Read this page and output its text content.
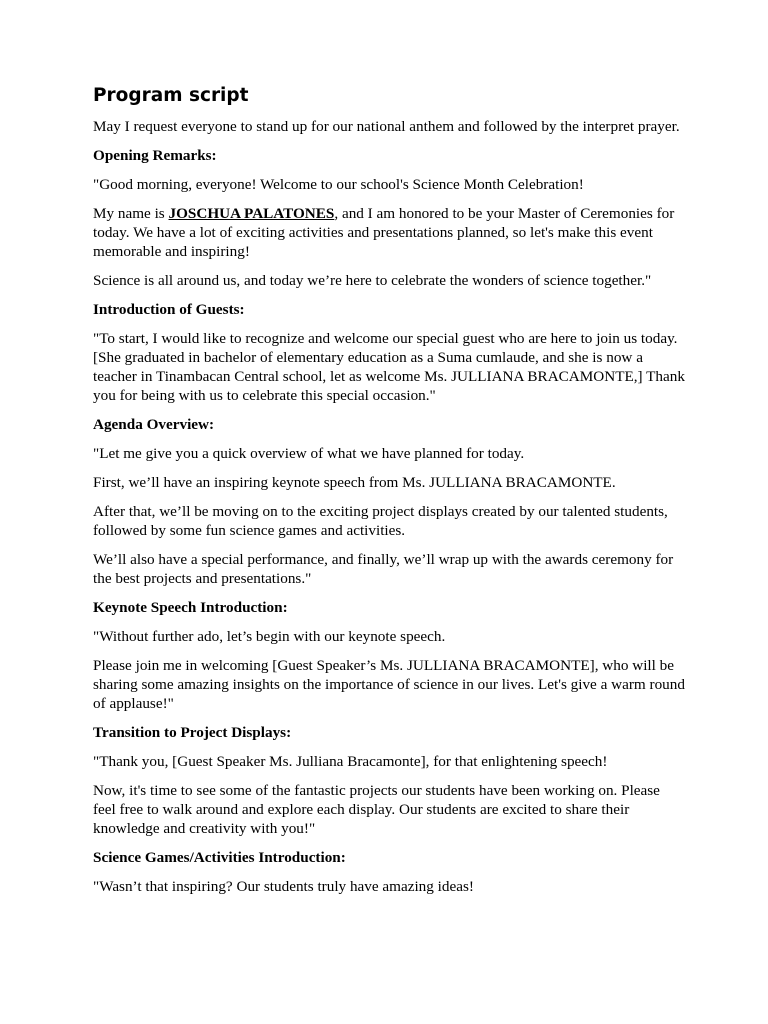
Program script

May I request everyone to stand up for our national anthem and followed by the interpret prayer.

Opening Remarks:

"Good morning, everyone! Welcome to our school's Science Month Celebration!

My name is JOSCHUA PALATONES, and I am honored to be your Master of Ceremonies for today. We have a lot of exciting activities and presentations planned, so let's make this event memorable and inspiring!

Science is all around us, and today we’re here to celebrate the wonders of science together."

Introduction of Guests:

"To start, I would like to recognize and welcome our special guest who are here to join us today. [She graduated in bachelor of elementary education as a Suma cumlaude, and she is now a teacher in Tinambacan Central school, let as welcome Ms. JULLIANA BRACAMONTE,] Thank you for being with us to celebrate this special occasion."

Agenda Overview:

"Let me give you a quick overview of what we have planned for today.

First, we’ll have an inspiring keynote speech from Ms. JULLIANA BRACAMONTE.

After that, we’ll be moving on to the exciting project displays created by our talented students, followed by some fun science games and activities.

We’ll also have a special performance, and finally, we’ll wrap up with the awards ceremony for the best projects and presentations."

Keynote Speech Introduction:

"Without further ado, let’s begin with our keynote speech.

Please join me in welcoming [Guest Speaker’s Ms. JULLIANA BRACAMONTE], who will be sharing some amazing insights on the importance of science in our lives. Let's give a warm round of applause!"

Transition to Project Displays:

"Thank you, [Guest Speaker Ms. Julliana Bracamonte], for that enlightening speech!

Now, it's time to see some of the fantastic projects our students have been working on. Please feel free to walk around and explore each display. Our students are excited to share their knowledge and creativity with you!"

Science Games/Activities Introduction:

"Wasn’t that inspiring? Our students truly have amazing ideas!
